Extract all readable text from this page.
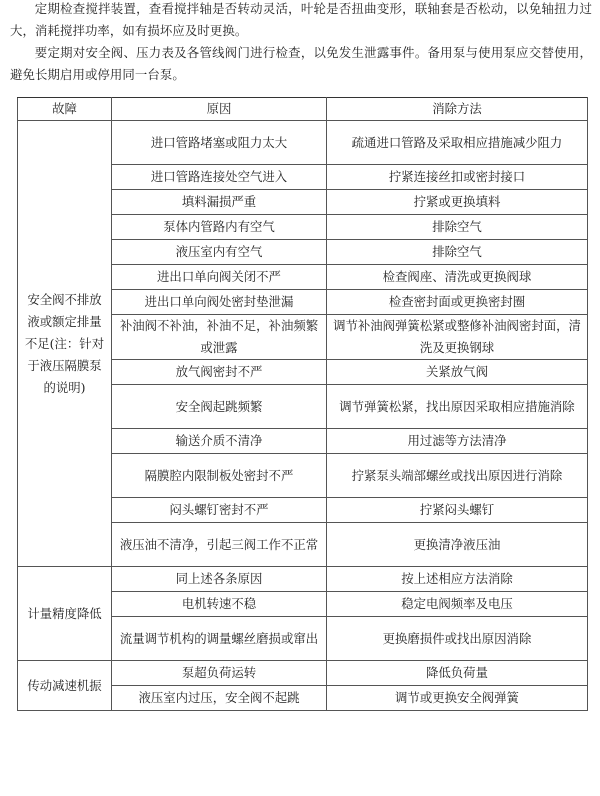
定期检查搅拌装置，查看搅拌轴是否转动灵活，叶轮是否扭曲变形，联轴套是否松动，以免轴扭力过大，消耗搅拌功率，如有损坏应及时更换。

要定期对安全阀、压力表及各管线阀门进行检查，以免发生泄露事件。备用泵与使用泵应交替使用，避免长期启用或停用同一台泵。

故障	原因	消除方法
安全阀不排放液或额定排量不足(注：针对于液压隔膜泵的说明)	进口管路堵塞或阻力太大	疏通进口管路及采取相应措施减少阻力
	进口管路连接处空气进入	拧紧连接丝扣或密封接口
	填料漏损严重	拧紧或更换填料
	泵体内管路内有空气	排除空气
	液压室内有空气	排除空气
	进出口单向阀关闭不严	检查阀座、清洗或更换阀球
	进出口单向阀处密封垫泄漏	检查密封面或更换密封圈
	补油阀不补油，补油不足，补油频繁或泄露	调节补油阀弹簧松紧或整修补油阀密封面，清洗及更换钢球
	放气阀密封不严	关紧放气阀
	安全阀起跳频繁	调节弹簧松紧，找出原因采取相应措施消除
	输送介质不清净	用过滤等方法清净
	隔膜腔内限制板处密封不严	拧紧泵头端部螺丝或找出原因进行消除
	闷头螺钉密封不严	拧紧闷头螺钉
	液压油不清净，引起三阀工作不正常	更换清净液压油
计量精度降低	同上述各条原因	按上述相应方法消除
	电机转速不稳	稳定电阀频率及电压
	流量调节机构的调量螺丝磨损或窜出	更换磨损件或找出原因消除
传动减速机振	泵超负荷运转	降低负荷量
	液压室内过压，安全阀不起跳	调节或更换安全阀弹簧
